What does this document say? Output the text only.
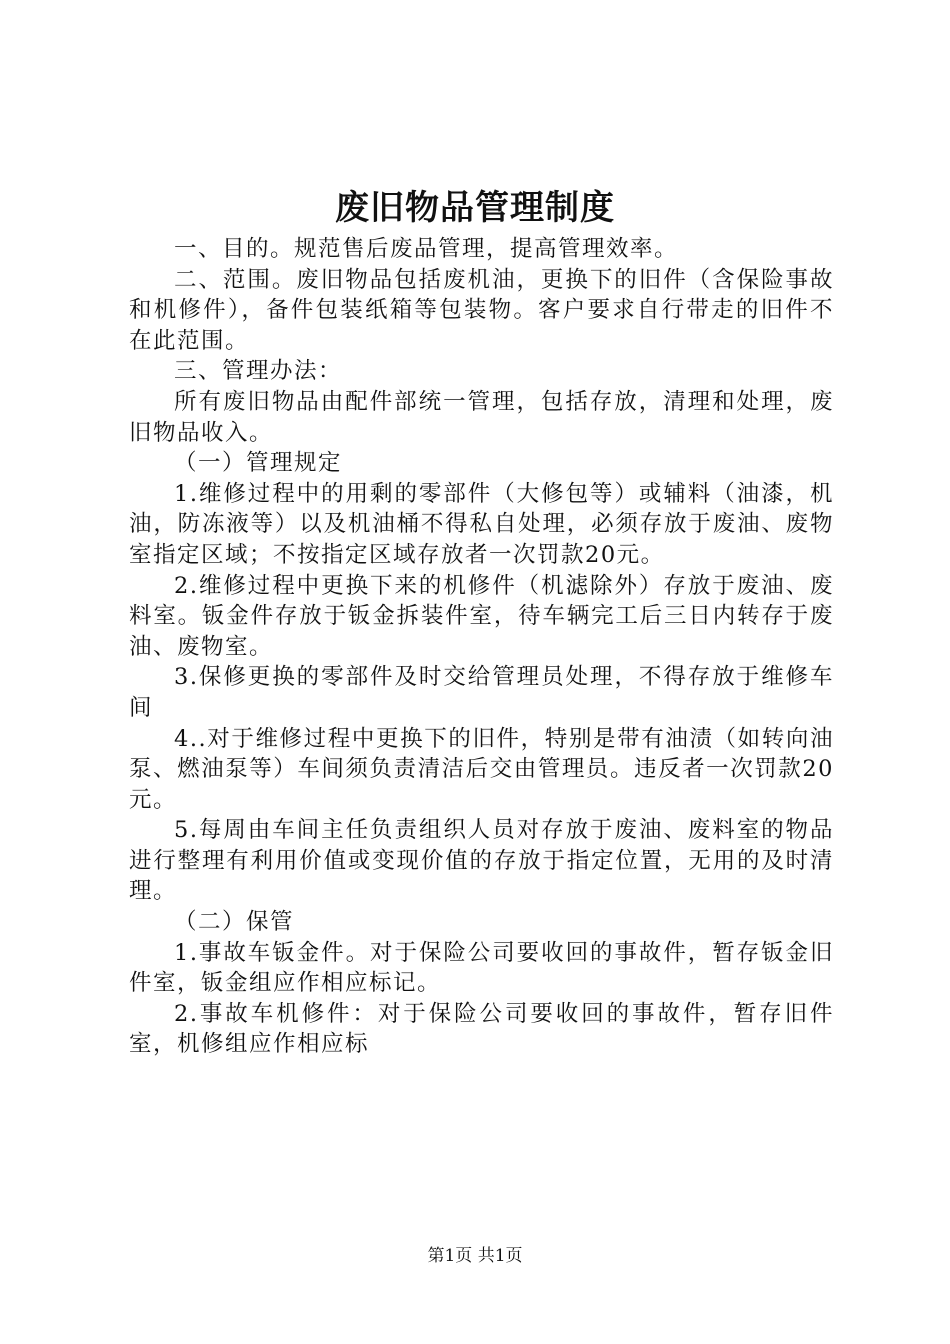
废旧物品管理制度

一、目的。规范售后废品管理，提高管理效率。

二、范围。废旧物品包括废机油，更换下的旧件（含保险事故和机修件），备件包装纸箱等包装物。客户要求自行带走的旧件不在此范围。

三、管理办法：

所有废旧物品由配件部统一管理，包括存放，清理和处理，废旧物品收入。

（一）管理规定

1.维修过程中的用剩的零部件（大修包等）或辅料（油漆，机油，防冻液等）以及机油桶不得私自处理，必须存放于废油、废物室指定区域；不按指定区域存放者一次罚款20元。

2.维修过程中更换下来的机修件（机滤除外）存放于废油、废料室。钣金件存放于钣金拆装件室，待车辆完工后三日内转存于废油、废物室。

3.保修更换的零部件及时交给管理员处理，不得存放于维修车间

4..对于维修过程中更换下的旧件，特别是带有油渍（如转向油泵、燃油泵等）车间须负责清洁后交由管理员。违反者一次罚款20元。

5.每周由车间主任负责组织人员对存放于废油、废料室的物品进行整理有利用价值或变现价值的存放于指定位置，无用的及时清理。

（二）保管

1.事故车钣金件。对于保险公司要收回的事故件，暂存钣金旧件室，钣金组应作相应标记。

2.事故车机修件：对于保险公司要收回的事故件，暂存旧件室，机修组应作相应标

第1页 共1页
